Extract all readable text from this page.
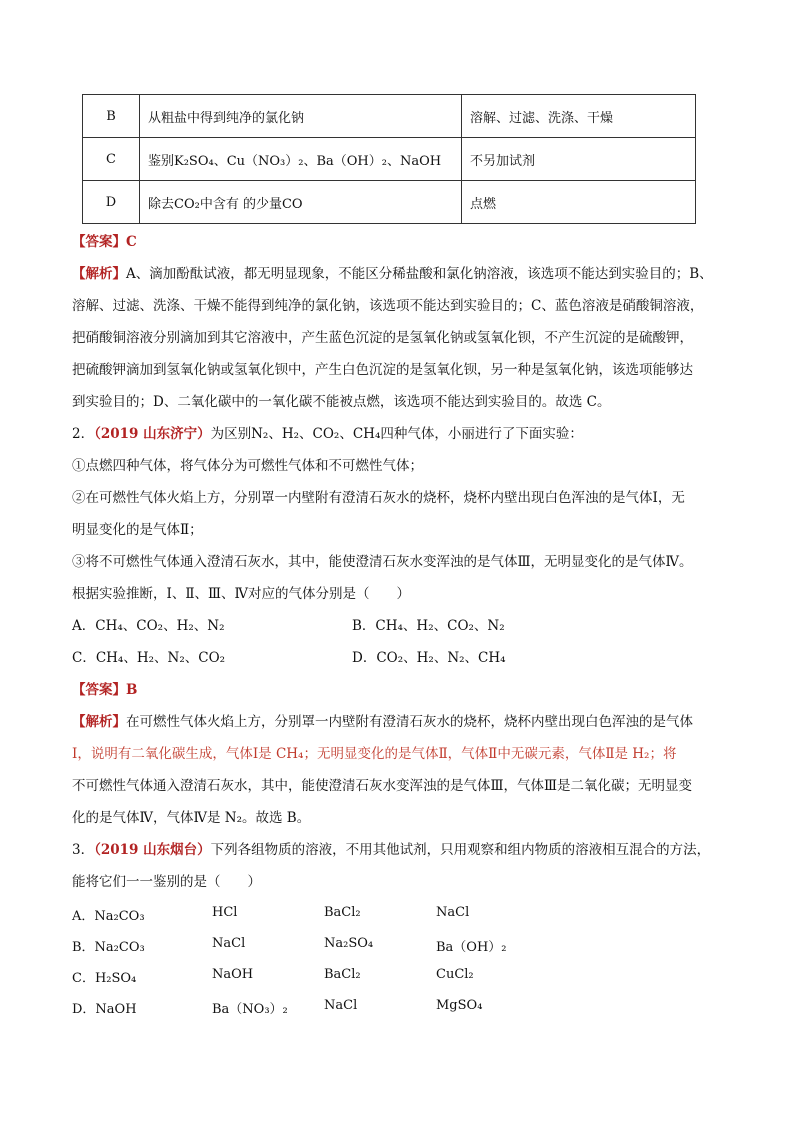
B	从粗盐中得到纯净的氯化钠	溶解、过滤、洗涤、干燥
C	鉴别K₂SO₄、Cu（NO₃）₂、Ba（OH）₂、NaOH	不另加试剂
D	除去CO₂中含有 的少量CO	点燃
【答案】C
【解析】A、滴加酚酞试液，都无明显现象，不能区分稀盐酸和氯化钠溶液，该选项不能达到实验目的；B、
溶解、过滤、洗涤、干燥不能得到纯净的氯化钠，该选项不能达到实验目的；C、蓝色溶液是硝酸铜溶液，
把硝酸铜溶液分别滴加到其它溶液中，产生蓝色沉淀的是氢氧化钠或氢氧化钡，不产生沉淀的是硫酸钾，
把硫酸钾滴加到氢氧化钠或氢氧化钡中，产生白色沉淀的是氢氧化钡，另一种是氢氧化钠，该选项能够达
到实验目的；D、二氧化碳中的一氧化碳不能被点燃，该选项不能达到实验目的。故选 C。
2．（2019 山东济宁）为区别N₂、H₂、CO₂、CH₄四种气体，小丽进行了下面实验：
①点燃四种气体，将气体分为可燃性气体和不可燃性气体；
②在可燃性气体火焰上方，分别罩一内壁附有澄清石灰水的烧杯，烧杯内壁出现白色浑浊的是气体Ⅰ，无
明显变化的是气体Ⅱ；
③将不可燃性气体通入澄清石灰水，其中，能使澄清石灰水变浑浊的是气体Ⅲ，无明显变化的是气体Ⅳ。
根据实验推断，Ⅰ、Ⅱ、Ⅲ、Ⅳ对应的气体分别是（　　）
A．CH₄、CO₂、H₂、N₂	B．CH₄、H₂、CO₂、N₂
C．CH₄、H₂、N₂、CO₂	D．CO₂、H₂、N₂、CH₄
【答案】B
【解析】在可燃性气体火焰上方，分别罩一内壁附有澄清石灰水的烧杯，烧杯内壁出现白色浑浊的是气体
Ⅰ，说明有二氧化碳生成，气体Ⅰ是 CH₄；无明显变化的是气体Ⅱ，气体Ⅱ中无碳元素，气体Ⅱ是 H₂；将
不可燃性气体通入澄清石灰水，其中，能使澄清石灰水变浑浊的是气体Ⅲ，气体Ⅲ是二氧化碳；无明显变
化的是气体Ⅳ，气体Ⅳ是 N₂。故选 B。
3．（2019 山东烟台）下列各组物质的溶液，不用其他试剂，只用观察和组内物质的溶液相互混合的方法，
能将它们一一鉴别的是（　　）
A．Na₂CO₃	HCl	BaCl₂	NaCl
B．Na₂CO₃	NaCl	Na₂SO₄	Ba（OH）₂
C．H₂SO₄	NaOH	BaCl₂	CuCl₂
D．NaOH	Ba（NO₃）₂	NaCl	MgSO₄
